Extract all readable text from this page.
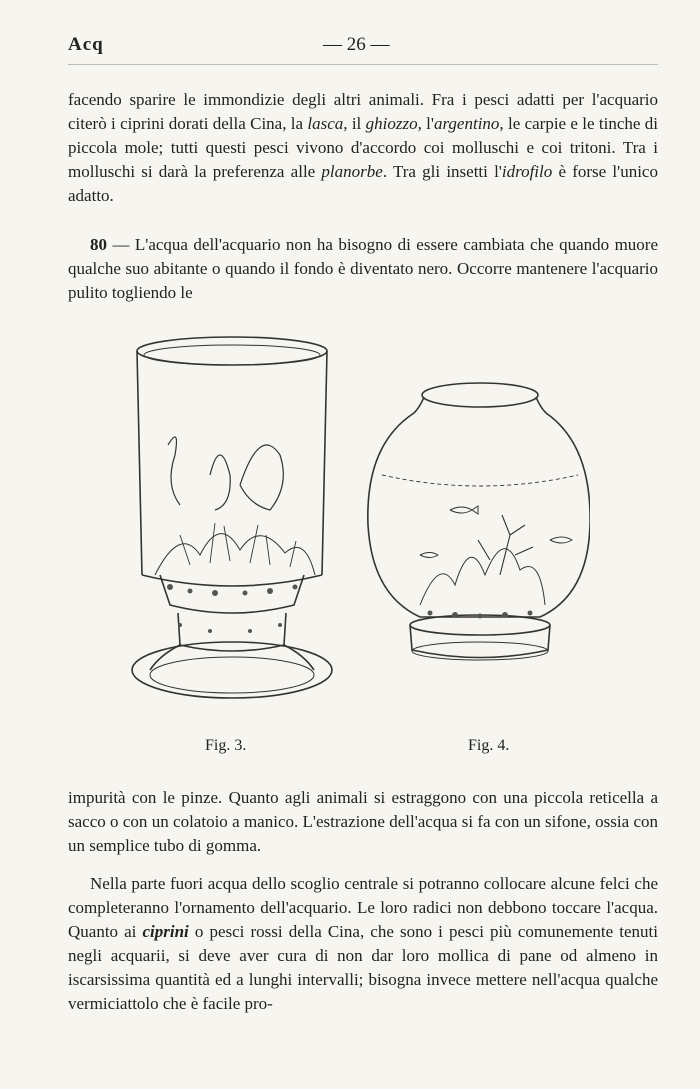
Acq	— 26 —

facendo sparire le immondizie degli altri animali. Fra i pesci adatti per l'acquario citerò i ciprini dorati della Cina, la lasca, il ghiozzo, l'argentino, le carpie e le tinche di piccola mole; tutti questi pesci vivono d'accordo coi molluschi e coi tritoni. Tra i molluschi si darà la preferenza alle planorbe. Tra gli insetti l'idrofilo è forse l'unico adatto.

80 — L'acqua dell'acquario non ha bisogno di essere cambiata che quando muore qualche suo abitante o quando il fondo è diventato nero. Occorre mantenere l'acquario pulito togliendo le

Fig. 3.	Fig. 4.

impurità con le pinze. Quanto agli animali si estraggono con una piccola reticella a sacco o con un colatoio a manico. L'estrazione dell'acqua si fa con un sifone, ossia con un semplice tubo di gomma.

Nella parte fuori acqua dello scoglio centrale si potranno collocare alcune felci che completeranno l'ornamento dell'acquario. Le loro radici non debbono toccare l'acqua. Quanto ai ciprini o pesci rossi della Cina, che sono i pesci più comunemente tenuti negli acquarii, si deve aver cura di non dar loro mollica di pane od almeno in iscarsissima quantità ed a lunghi intervalli; bisogna invece mettere nell'acqua qualche vermiciattolo che è facile pro-
